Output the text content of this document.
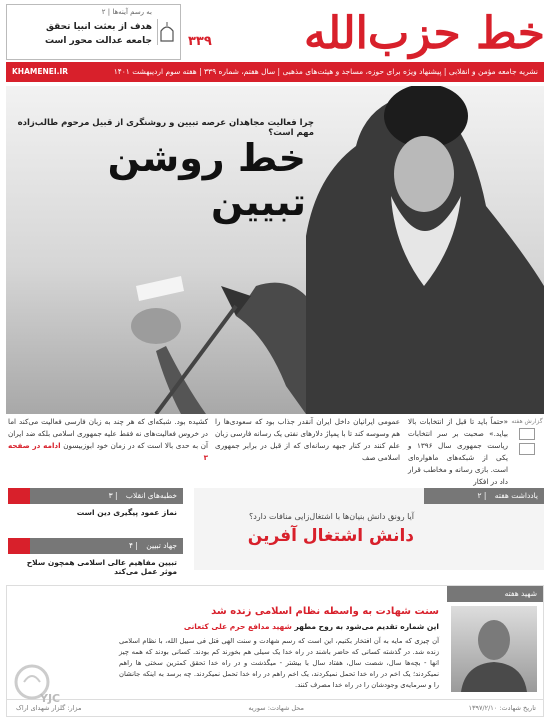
خط حزب‌الله
۳۳۹
به رسم آینه‌ها | ۲
هدف از بعثت انبیا تحقق
جامعه عدالت محور است
نشریه جامعه مؤمن و انقلابی | پیشنهاد ویژه برای حوزه، مساجد و هیئت‌های مذهبی | سال هفتم، شماره ۳۳۹ | هفته سوم اردیبهشت ۱۴۰۱
KHAMENEI.IR
چرا فعالیت مجاهدان عرصه تبیین و روشنگری از قبیل مرحوم طالب‌زاده مهم است؟
خط روشن تبیین
گزارش هفته
«حتماً باید تا قبل از انتخابات بالا بیاید.» صحبت بر سر انتخابات ریاست جمهوری سال ۱۳۹۶ و یکی از شبکه‌های ماهواره‌ای است. بازی رسانه و مخاطب قرار داد در افکار
عمومی ایرانیان داخل ایران آنقدر جذاب بود که سعودی‌ها را هم وسوسه کند تا با پمپاژ دلارهای نفتی یک رسانه فارسی زبان علم کنند در کنار جبهه رسانه‌ای که از قبل در برابر جمهوری اسلامی صف
کشیده بود. شبکه‌ای که هر چند به زبان فارسی فعالیت می‌کند اما در خروس فعالیت‌های نه فقط علیه جمهوری اسلامی بلکه ضد ایران آن به حدی بالا است که در زمان خود ابوزبیسون ادامه در صفحه ۳
خطبه‌های انقلاب | ۳
نماز عمود پیگیری دین است
جهاد تبیین | ۴
تبیین مفاهیم عالی اسلامی همچون سلاح موثر عمل می‌کند
یادداشت هفته | ۲
آیا رونق دانش بنیان‌ها با اشتغال‌زایی منافات دارد؟
دانش اشتغال آفرین
شهید هفته
سنت شهادت به واسطه نظام اسلامی زنده شد
این شماره تقدیم می‌شود به روح مطهر شهید مدافع حرم علی کتعانی
آن چیزی که مایه به آن افتخار بکنیم، این است که رسم شهادت و سنت الهی قتل فی سبیل الله، با نظام اسلامی زنده شد. در گذشته کسانی که حاضر باشند در راه خدا یک سیلی هم بخورند کم بودند. کسانی بودند که همه چیز انها - بچه‌ها سال، شصت سال، هفتاد سال با بیشتر - میگذشت و در راه خدا تحقق کمترین سختی ها راهم نمیکردند؛ یک اخم در راه خدا تحمل نمیکردند، یک اخم راهم در راه خدا تحمل نمیکردند. چه برسد به اینکه جانشان را و سرمایه‌ی وجودشان را در راه خدا مصرف کنند.
تاریخ شهادت: ۱۳۹۷/۲/۱۰
محل شهادت: سوریه
مزار: گلزار شهدای اراک
YJC
